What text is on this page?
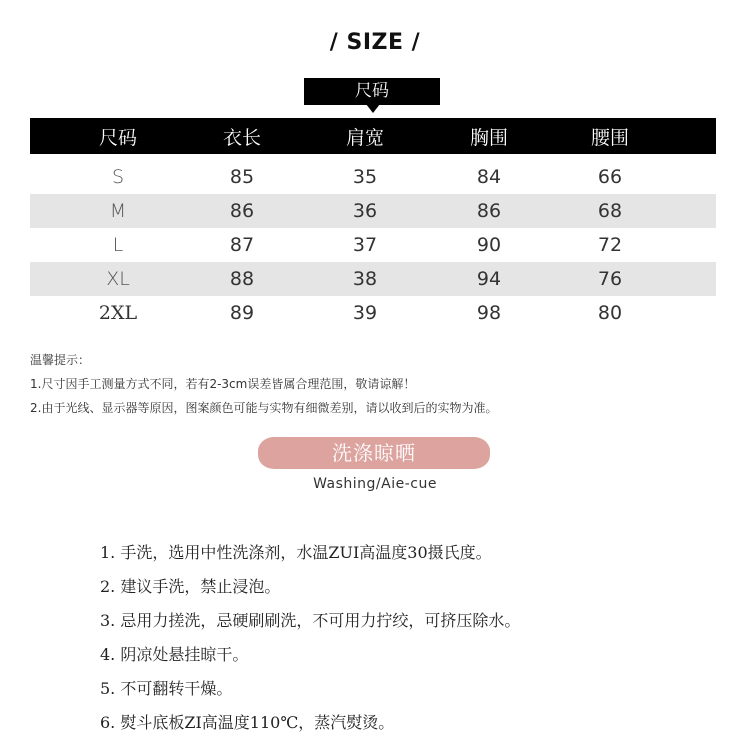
/ SIZE /
尺码
尺码	衣长	肩宽	胸围	腰围
S	85	35	84	66
M	86	36	86	68
L	87	37	90	72
XL	88	38	94	76
2XL	89	39	98	80
温馨提示：
1.尺寸因手工测量方式不同，若有2-3cm误差皆属合理范围，敬请谅解！
2.由于光线、显示器等原因，图案颜色可能与实物有细微差别，请以收到后的实物为准。
洗涤晾晒
Washing/Aie-cue
1. 手洗，选用中性洗涤剂，水温ZUI高温度30摄氏度。
2. 建议手洗，禁止浸泡。
3. 忌用力搓洗，忌硬刷刷洗，不可用力拧绞，可挤压除水。
4. 阴凉处悬挂晾干。
5. 不可翻转干燥。
6. 熨斗底板ZI高温度110℃，蒸汽熨烫。
